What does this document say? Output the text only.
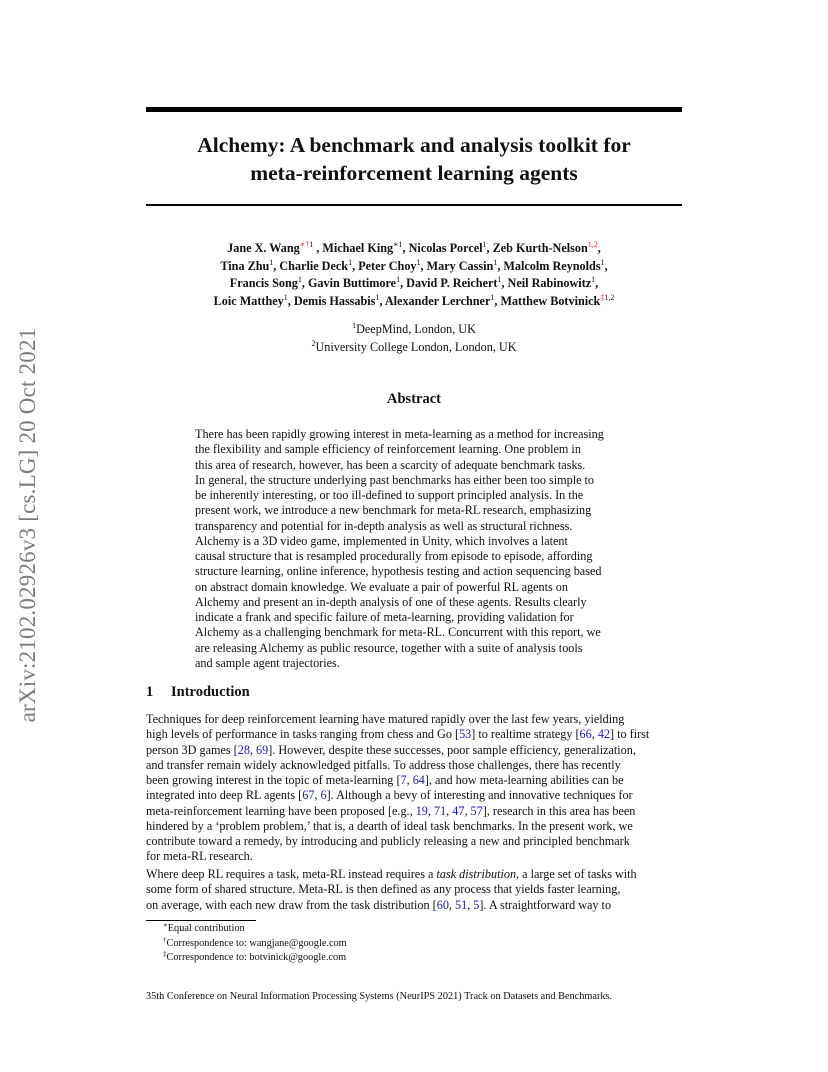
arXiv:2102.02926v3 [cs.LG] 20 Oct 2021
Alchemy: A benchmark and analysis toolkit for
meta-reinforcement learning agents
Jane X. Wang$^{∗\dagger 1}$ , Michael King$^{∗1}$, Nicolas Porcel$^1$, Zeb Kurth-Nelson$^{1,2}$,
Tina Zhu$^1$, Charlie Deck$^1$, Peter Choy$^1$, Mary Cassin$^1$, Malcolm Reynolds$^1$,
Francis Song$^1$, Gavin Buttimore$^1$, David P. Reichert$^1$, Neil Rabinowitz$^1$,
Loic Matthey$^1$, Demis Hassabis$^1$, Alexander Lerchner$^1$, Matthew Botvinick$^{\ddagger 1,2}$
$^1$DeepMind, London, UK
$^2$University College London, London, UK
Abstract
There has been rapidly growing interest in meta-learning as a method for increasing
the flexibility and sample efficiency of reinforcement learning. One problem in
this area of research, however, has been a scarcity of adequate benchmark tasks.
In general, the structure underlying past benchmarks has either been too simple to
be inherently interesting, or too ill-defined to support principled analysis. In the
present work, we introduce a new benchmark for meta-RL research, emphasizing
transparency and potential for in-depth analysis as well as structural richness.
Alchemy is a 3D video game, implemented in Unity, which involves a latent
causal structure that is resampled procedurally from episode to episode, affording
structure learning, online inference, hypothesis testing and action sequencing based
on abstract domain knowledge. We evaluate a pair of powerful RL agents on
Alchemy and present an in-depth analysis of one of these agents. Results clearly
indicate a frank and specific failure of meta-learning, providing validation for
Alchemy as a challenging benchmark for meta-RL. Concurrent with this report, we
are releasing Alchemy as public resource, together with a suite of analysis tools
and sample agent trajectories.
1 Introduction
Techniques for deep reinforcement learning have matured rapidly over the last few years, yielding
high levels of performance in tasks ranging from chess and Go [53] to realtime strategy [66, 42] to first
person 3D games [28, 69]. However, despite these successes, poor sample efficiency, generalization,
and transfer remain widely acknowledged pitfalls. To address those challenges, there has recently
been growing interest in the topic of meta-learning [7, 64], and how meta-learning abilities can be
integrated into deep RL agents [67, 6]. Although a bevy of interesting and innovative techniques for
meta-reinforcement learning have been proposed [e.g., 19, 71, 47, 57], research in this area has been
hindered by a ‘problem problem,’ that is, a dearth of ideal task benchmarks. In the present work, we
contribute toward a remedy, by introducing and publicly releasing a new and principled benchmark
for meta-RL research.
Where deep RL requires a task, meta-RL instead requires a task distribution, a large set of tasks with
some form of shared structure. Meta-RL is then defined as any process that yields faster learning,
on average, with each new draw from the task distribution [60, 51, 5]. A straightforward way to
∗Equal contribution
†Correspondence to: wangjane@google.com
‡Correspondence to: botvinick@google.com
35th Conference on Neural Information Processing Systems (NeurIPS 2021) Track on Datasets and Benchmarks.
